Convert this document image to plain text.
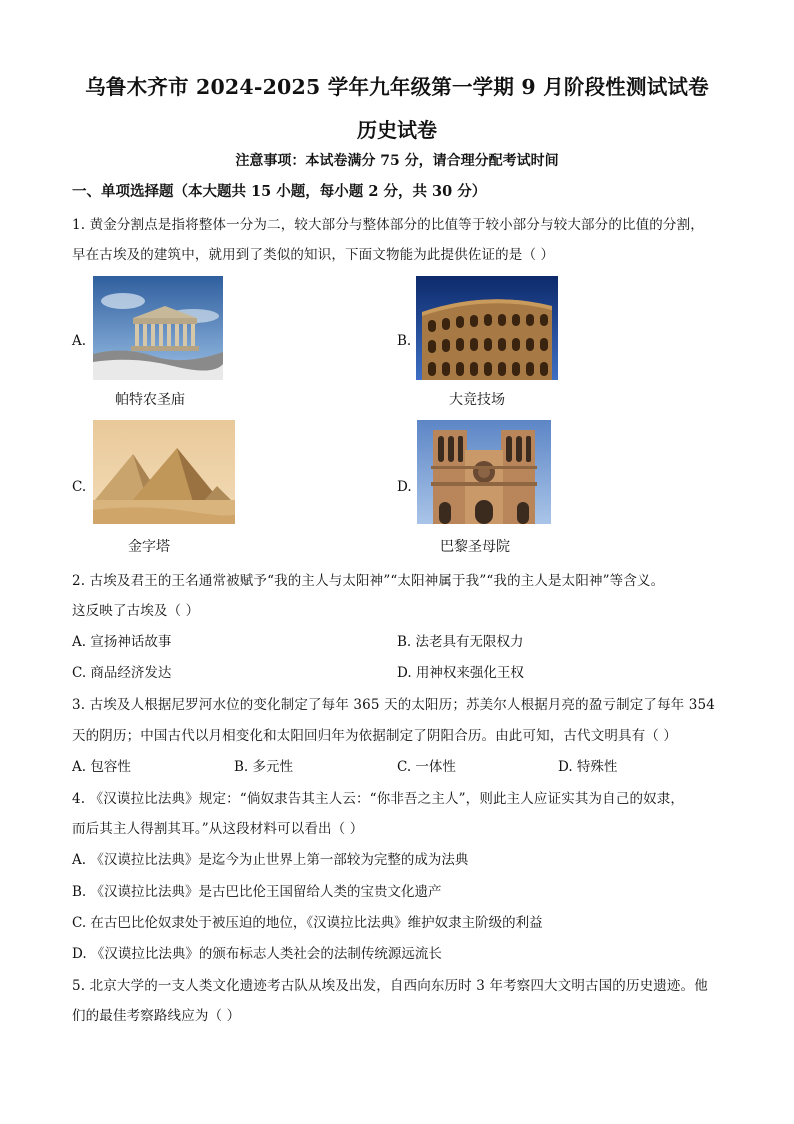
乌鲁木齐市 2024-2025 学年九年级第一学期 9 月阶段性测试试卷
历史试卷
注意事项：本试卷满分 75 分，请合理分配考试时间
一、单项选择题（本大题共 15 小题，每小题 2 分，共 30 分）
1. 黄金分割点是指将整体一分为二，较大部分与整体部分的比值等于较小部分与较大部分的比值的分割，
早在古埃及的建筑中，就用到了类似的知识，下面文物能为此提供佐证的是（ ）
A.
帕特农圣庙
B.
大竞技场
C.
金字塔
D.
巴黎圣母院
2. 古埃及君王的王名通常被赋予“我的主人与太阳神”“太阳神属于我”“我的主人是太阳神”等含义。
这反映了古埃及（ ）
A. 宣扬神话故事	B. 法老具有无限权力
C. 商品经济发达	D. 用神权来强化王权
3. 古埃及人根据尼罗河水位的变化制定了每年 365 天的太阳历；苏美尔人根据月亮的盈亏制定了每年 354
天的阴历；中国古代以月相变化和太阳回归年为依据制定了阴阳合历。由此可知，古代文明具有（ ）
A. 包容性	B. 多元性	C. 一体性	D. 特殊性
4. 《汉谟拉比法典》规定：“倘奴隶告其主人云：“你非吾之主人”，则此主人应证实其为自己的奴隶，
而后其主人得割其耳。”从这段材料可以看出（ ）
A. 《汉谟拉比法典》是迄今为止世界上第一部较为完整的成为法典
B. 《汉谟拉比法典》是古巴比伦王国留给人类的宝贵文化遗产
C. 在古巴比伦奴隶处于被压迫的地位，《汉谟拉比法典》维护奴隶主阶级的利益
D. 《汉谟拉比法典》的颁布标志人类社会的法制传统源远流长
5. 北京大学的一支人类文化遗迹考古队从埃及出发，自西向东历时 3 年考察四大文明古国的历史遗迹。他
们的最佳考察路线应为（ ）
